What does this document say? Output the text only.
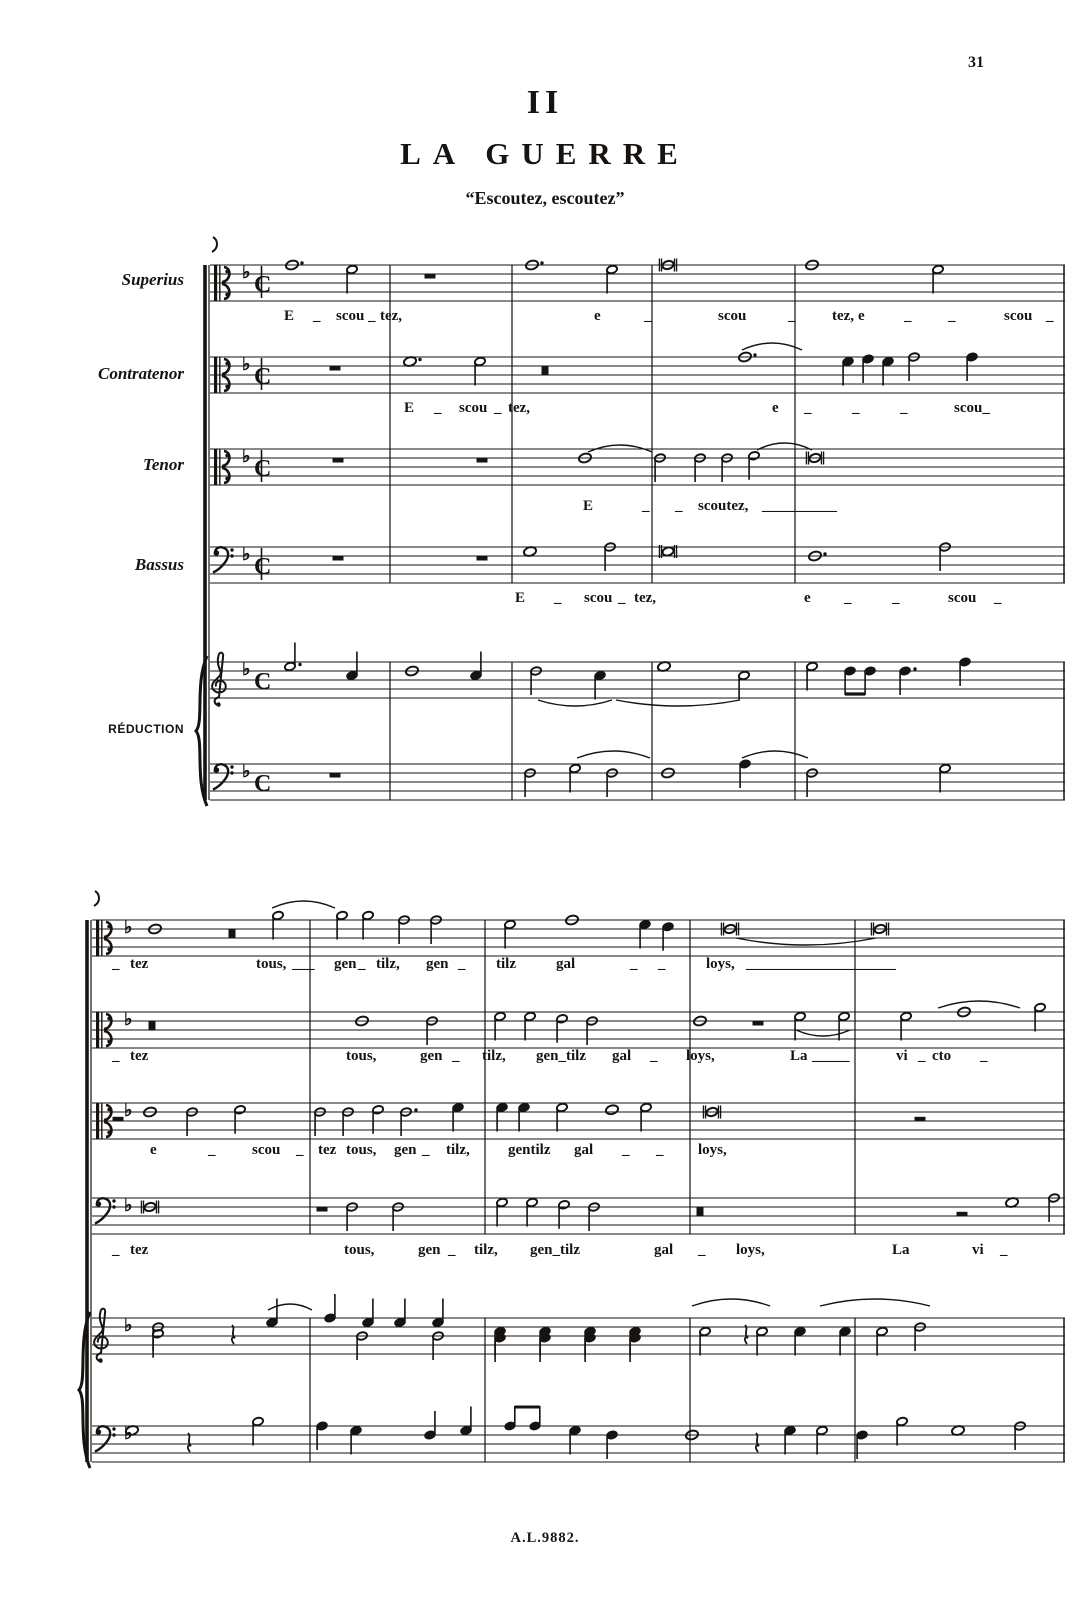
31
II
LA GUERRE
“Escoutez, escoutez”
Superius
Contratenor
Tenor
Bassus
RÉDUCTION
♭ C
♭ C
♭ C
♭ C
♭ C
♭ C
♭
♭
♭
♭
♭
♭
E _ scou _ tez,	e	_	scou	_ tez, e	_ _	scou _
E _ scou _ tez,	e _	_	_	scou_
E	_ _ scoutez, __________
E _ scou _ tez,	e _	_	scou _
_ tez	tous, ___ gen _ tilz, gen _ tilz	gal	_ _	loys, ____________________
_ tez	tous,	gen _ tilz, gen_tilz gal _ loys,	La _____	vi _ cto _
e	_ scou _ tez tous, gen _ tilz,	gentilz gal _ _ loys,
_ tez	tous,	gen _ tilz, gen_tilz	gal _ loys,	La	vi _
A.L.9882.
